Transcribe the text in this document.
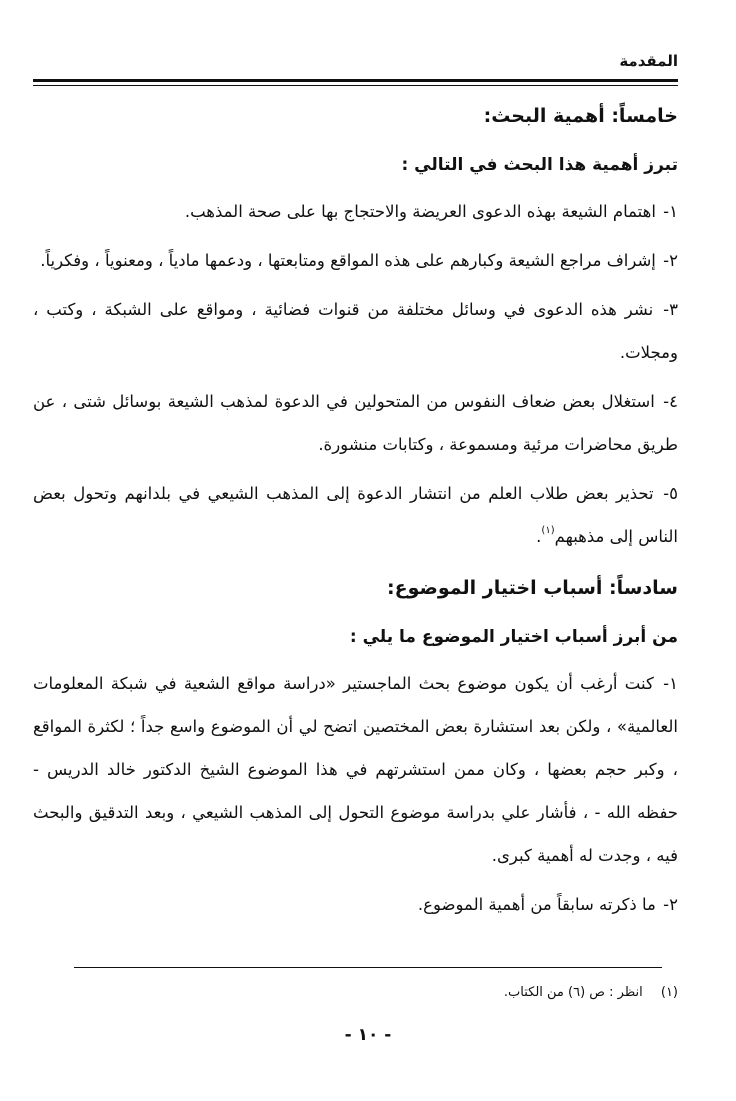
المقدمة

خامساً: أهمية البحث:

تبرز أهمية هذا البحث في التالي :

١- اهتمام الشيعة بهذه الدعوى العريضة والاحتجاج بها على صحة المذهب.

٢- إشراف مراجع الشيعة وكبارهم على هذه المواقع ومتابعتها ، ودعمها مادياً ، ومعنوياً ، وفكرياً.

٣- نشر هذه الدعوى في وسائل مختلفة من قنوات فضائية ، ومواقع على الشبكة ، وكتب ، ومجلات.

٤- استغلال بعض ضعاف النفوس من المتحولين في الدعوة لمذهب الشيعة بوسائل شتى ، عن طريق محاضرات مرئية ومسموعة ، وكتابات منشورة.

٥- تحذير بعض طلاب العلم من انتشار الدعوة إلى المذهب الشيعي في بلدانهم وتحول بعض الناس إلى مذهبهم$^{(١)}$.

سادساً: أسباب اختيار الموضوع:

من أبرز أسباب اختيار الموضوع ما يلي :

١- كنت أرغب أن يكون موضوع بحث الماجستير «دراسة مواقع الشعية في شبكة المعلومات العالمية» ، ولكن بعد استشارة بعض المختصين اتضح لي أن الموضوع واسع جداً ؛ لكثرة المواقع ، وكبر حجم بعضها ، وكان ممن استشرتهم في هذا الموضوع الشيخ الدكتور خالد الدريس - حفظه الله - ، فأشار علي بدراسة موضوع التحول إلى المذهب الشيعي ، وبعد التدقيق والبحث فيه ، وجدت له أهمية كبرى.

٢- ما ذكرته سابقاً من أهمية الموضوع.

(١) انظر : ص (٦) من الكتاب.
- ١٠ -
